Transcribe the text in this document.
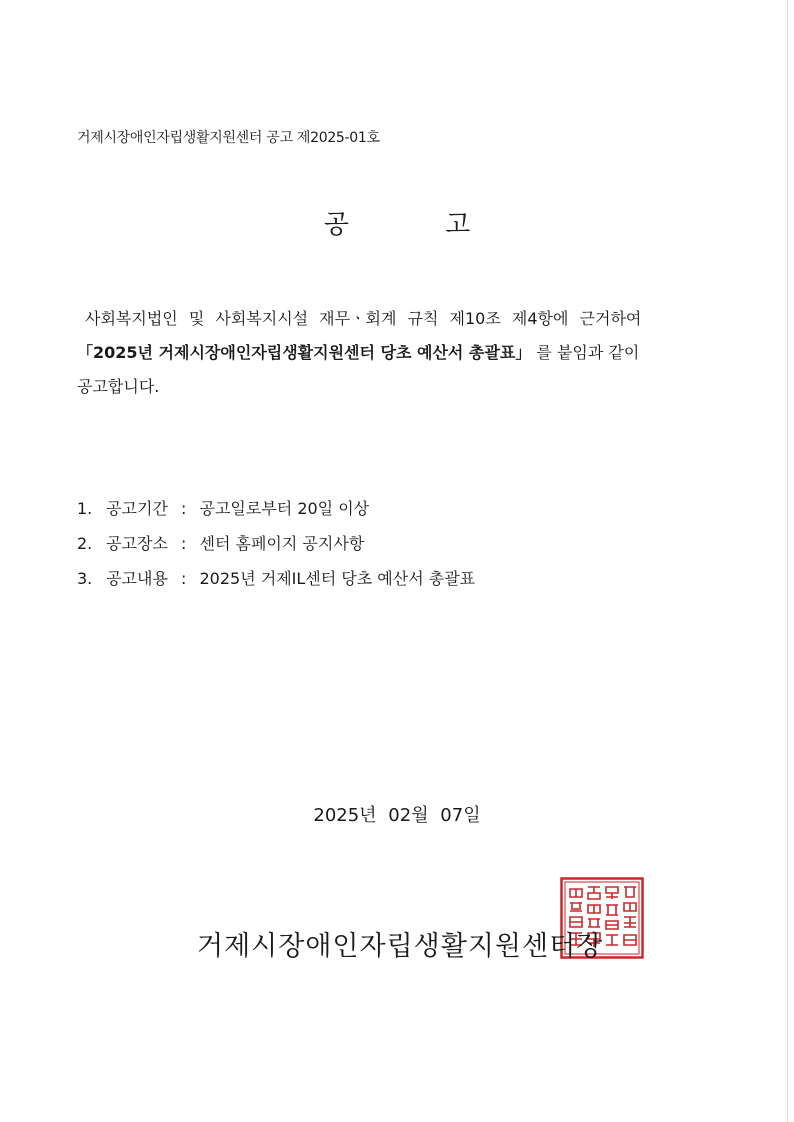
거제시장애인자립생활지원센터 공고 제2025-01호
공 고
사회복지법인 및 사회복지시설 재무ㆍ회계 규칙 제10조 제4항에 근거하여
「2025년 거제시장애인자립생활지원센터 당초 예산서 총괄표」 를 붙임과 같이
공고합니다.
1. 공고기간 : 공고일로부터 20일 이상
2. 공고장소 : 센터 홈페이지 공지사항
3. 공고내용 : 2025년 거제IL센터 당초 예산서 총괄표
2025년 02월 07일
거제시장애인자립생활지원센터장
